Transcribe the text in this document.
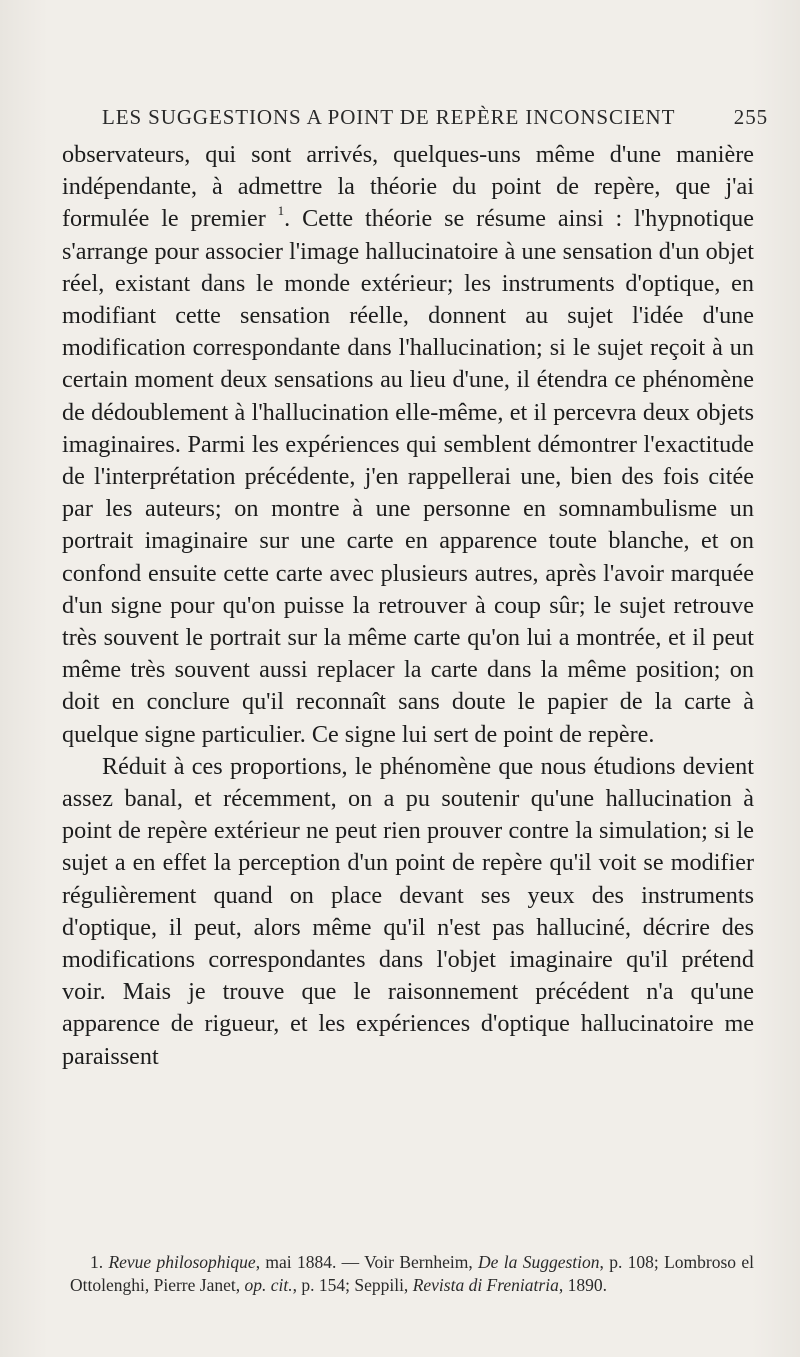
LES SUGGESTIONS A POINT DE REPÈRE INCONSCIENT	255

observateurs, qui sont arrivés, quelques-uns même d'une manière indépendante, à admettre la théorie du point de repère, que j'ai formulée le premier $^1$. Cette théorie se résume ainsi : l'hypnotique s'arrange pour associer l'image hallucinatoire à une sensation d'un objet réel, existant dans le monde extérieur; les instruments d'optique, en modifiant cette sensation réelle, donnent au sujet l'idée d'une modification correspondante dans l'hallucination; si le sujet reçoit à un certain moment deux sensations au lieu d'une, il étendra ce phénomène de dédoublement à l'hallucination elle-même, et il percevra deux objets imaginaires. Parmi les expériences qui semblent démontrer l'exactitude de l'interprétation précédente, j'en rappellerai une, bien des fois citée par les auteurs; on montre à une personne en somnambulisme un portrait imaginaire sur une carte en apparence toute blanche, et on confond ensuite cette carte avec plusieurs autres, après l'avoir marquée d'un signe pour qu'on puisse la retrouver à coup sûr; le sujet retrouve très souvent le portrait sur la même carte qu'on lui a montrée, et il peut même très souvent aussi replacer la carte dans la même position; on doit en conclure qu'il reconnaît sans doute le papier de la carte à quelque signe particulier. Ce signe lui sert de point de repère.

Réduit à ces proportions, le phénomène que nous étudions devient assez banal, et récemment, on a pu soutenir qu'une hallucination à point de repère extérieur ne peut rien prouver contre la simulation; si le sujet a en effet la perception d'un point de repère qu'il voit se modifier régulièrement quand on place devant ses yeux des instruments d'optique, il peut, alors même qu'il n'est pas halluciné, décrire des modifications correspondantes dans l'objet imaginaire qu'il prétend voir. Mais je trouve que le raisonnement précédent n'a qu'une apparence de rigueur, et les expériences d'optique hallucinatoire me paraissent

1. Revue philosophique, mai 1884. — Voir Bernheim, De la Suggestion, p. 108; Lombroso el Ottolenghi, Pierre Janet, op. cit., p. 154; Seppili, Revista di Freniatria, 1890.
